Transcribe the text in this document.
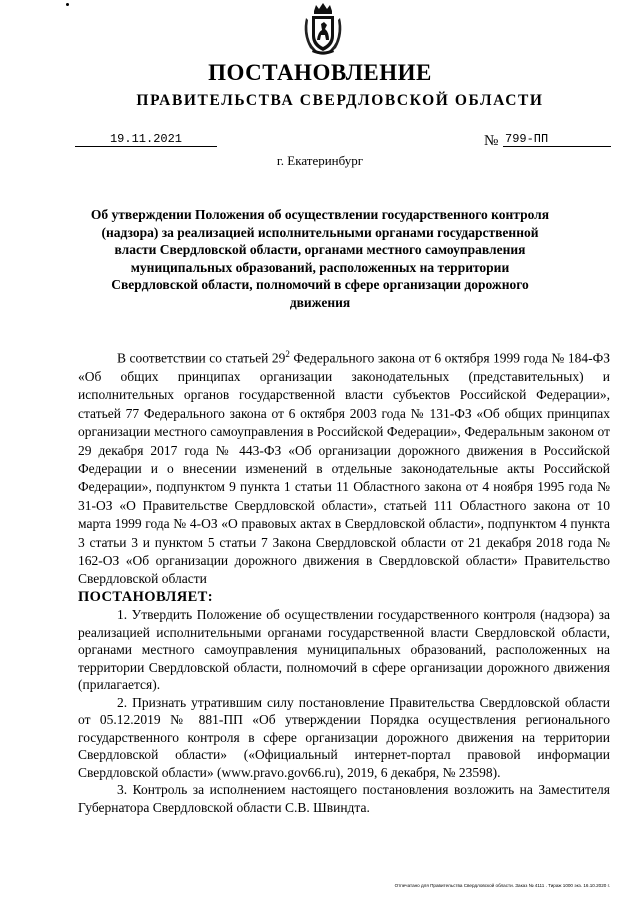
ПОСТАНОВЛЕНИЕ
ПРАВИТЕЛЬСТВА СВЕРДЛОВСКОЙ ОБЛАСТИ
19.11.2021	№ 799-ПП
г. Екатеринбург
Об утверждении Положения об осуществлении государственного контроля (надзора) за реализацией исполнительными органами государственной власти Свердловской области, органами местного самоуправления муниципальных образований, расположенных на территории Свердловской области, полномочий в сфере организации дорожного движения

В соответствии со статьей $29^2$ Федерального закона от 6 октября 1999 года № 184-ФЗ «Об общих принципах организации законодательных (представительных) и исполнительных органов государственной власти субъектов Российской Федерации», статьей 77 Федерального закона от 6 октября 2003 года № 131-ФЗ «Об общих принципах организации местного самоуправления в Российской Федерации», Федеральным законом от 29 декабря 2017 года № 443-ФЗ «Об организации дорожного движения в Российской Федерации и о внесении изменений в отдельные законодательные акты Российской Федерации», подпунктом 9 пункта 1 статьи 11 Областного закона от 4 ноября 1995 года № 31-ОЗ «О Правительстве Свердловской области», статьей 111 Областного закона от 10 марта 1999 года № 4-ОЗ «О правовых актах в Свердловской области», подпунктом 4 пункта 3 статьи 3 и пунктом 5 статьи 7 Закона Свердловской области от 21 декабря 2018 года № 162-ОЗ «Об организации дорожного движения в Свердловской области» Правительство Свердловской области

ПОСТАНОВЛЯЕТ:

1. Утвердить Положение об осуществлении государственного контроля (надзора) за реализацией исполнительными органами государственной власти Свердловской области, органами местного самоуправления муниципальных образований, расположенных на территории Свердловской области, полномочий в сфере организации дорожного движения (прилагается).

2. Признать утратившим силу постановление Правительства Свердловской области от 05.12.2019 № 881-ПП «Об утверждении Порядка осуществления регионального государственного контроля в сфере организации дорожного движения на территории Свердловской области» («Официальный интернет-портал правовой информации Свердловской области» (www.pravo.gov66.ru), 2019, 6 декабря, № 23598).

3. Контроль за исполнением настоящего постановления возложить на Заместителя Губернатора Свердловской области С.В. Швиндта.

Отпечатано для Правительства Свердловской области. Заказ № 4111 . Тираж 1000 экз. 16.10.2020 г.
